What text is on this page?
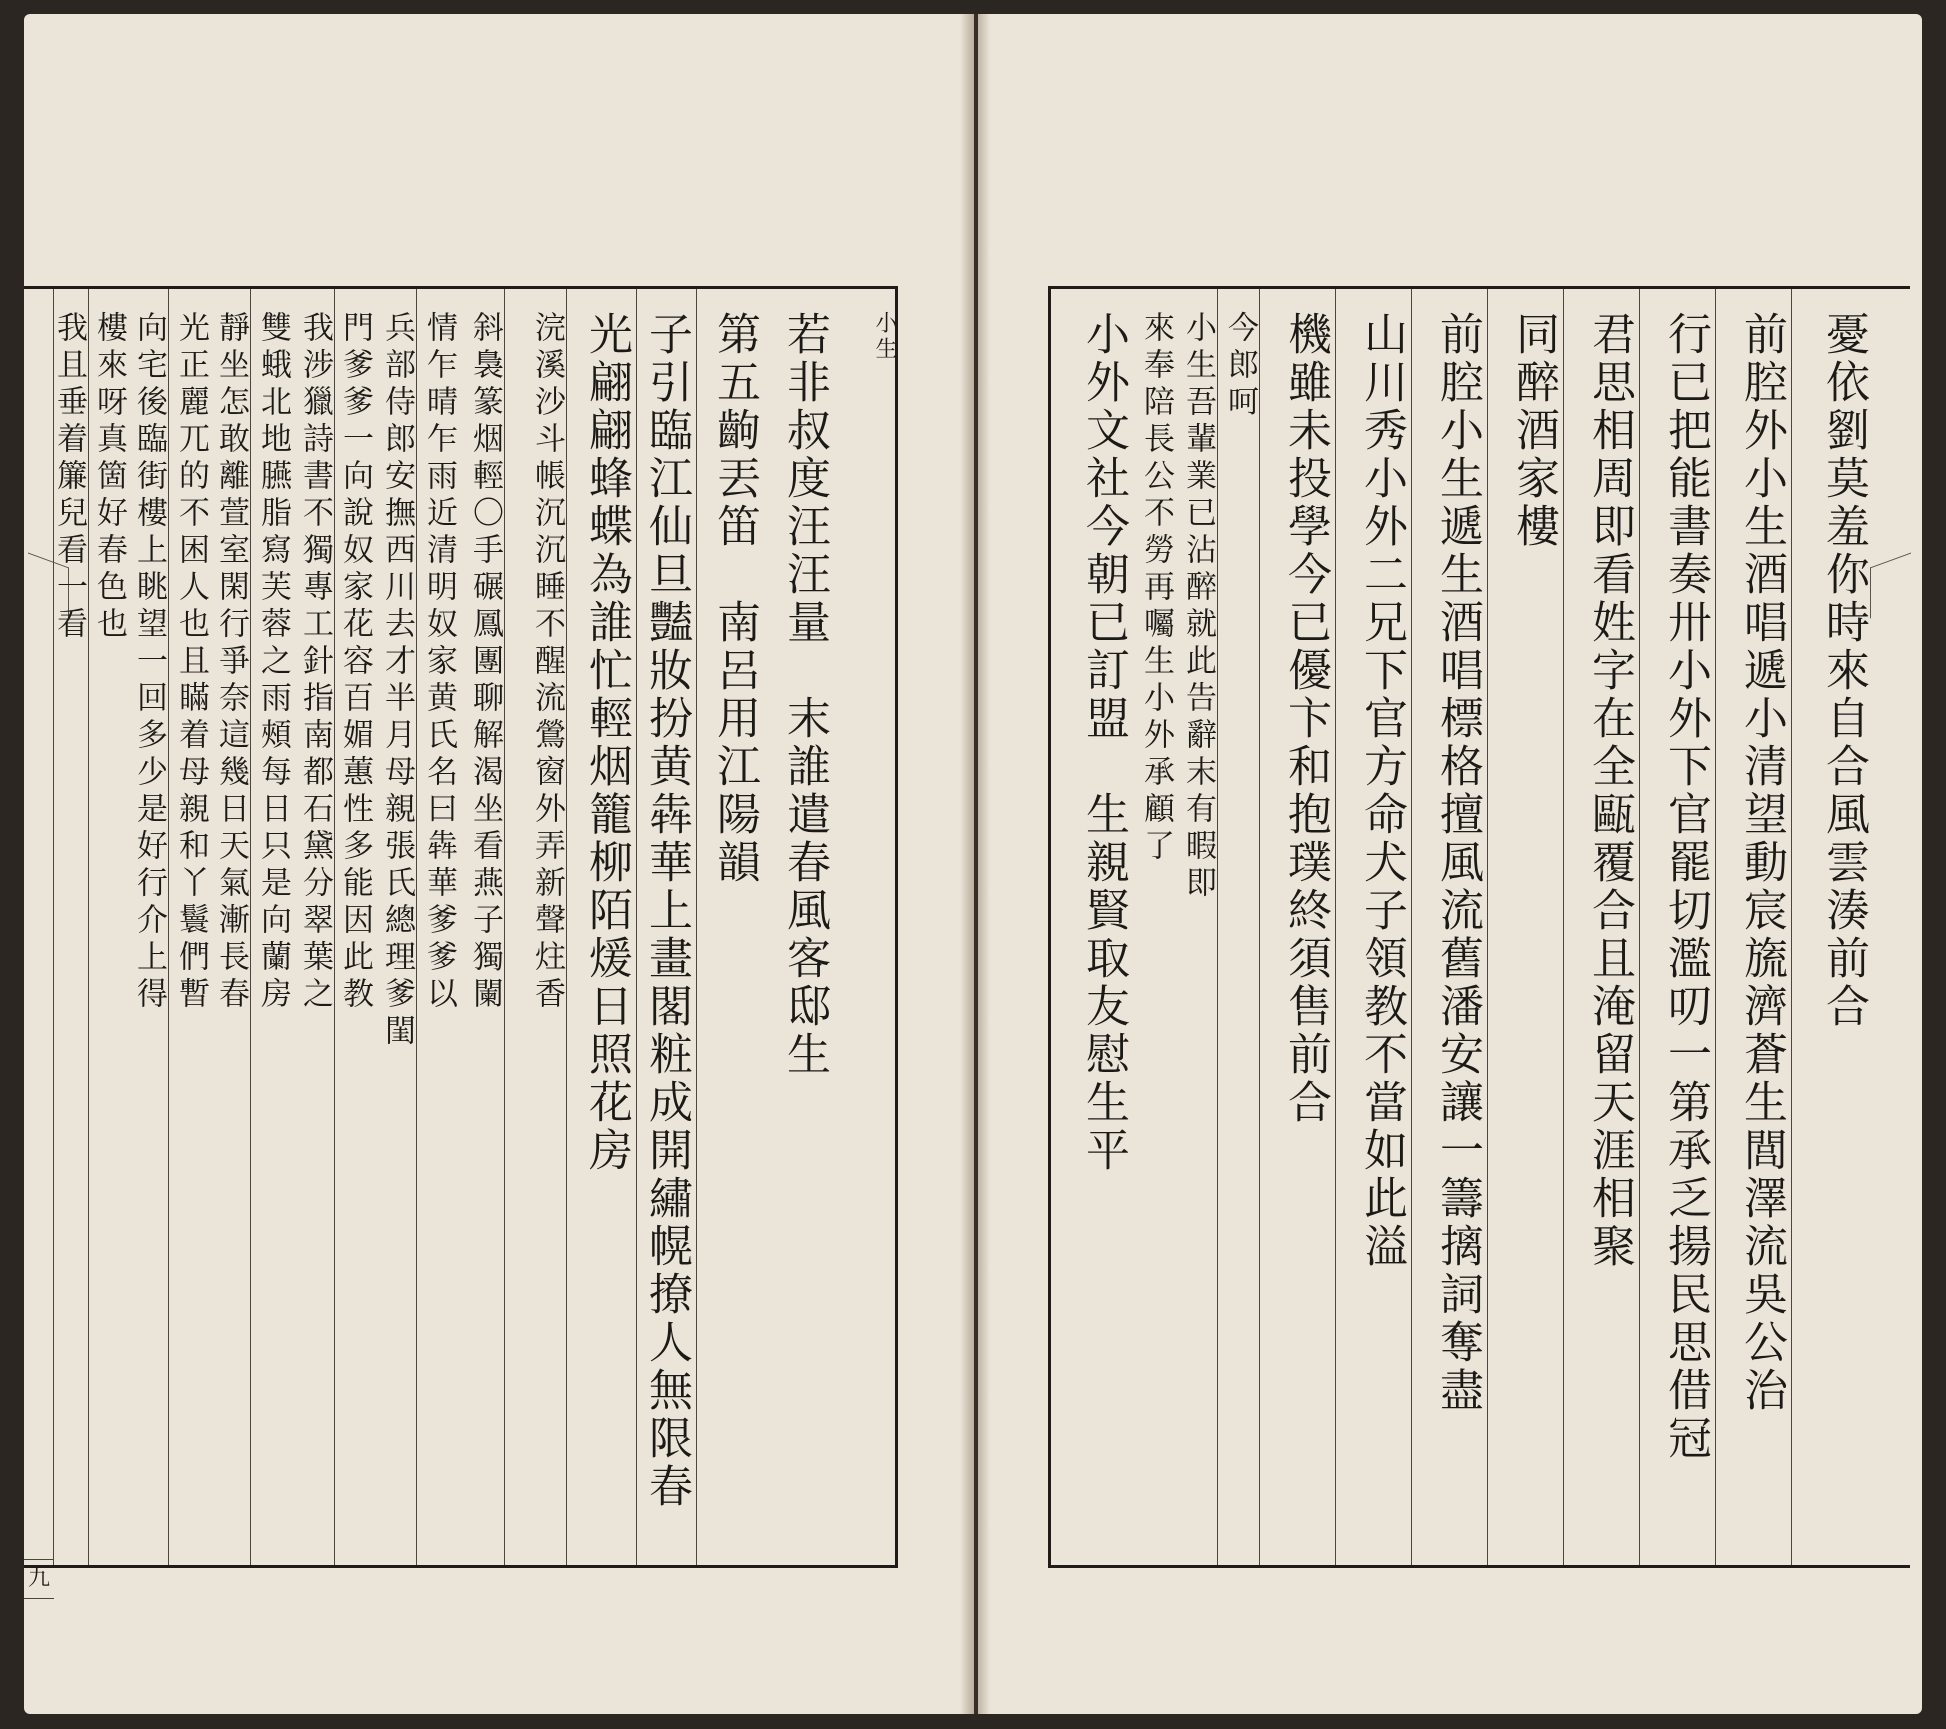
小生
若非叔度汪汪量　末誰遣春風客邸生
第五齣丟笛　南呂用江陽韻
子引臨江仙旦豔妝扮黄犇華上畫閣粧成開繡幌撩人無限春
光翩翩蜂蝶為誰忙輕烟籠柳陌煖日照花房
浣溪沙斗帳沉沉睡不醒流鶯窗外弄新聲炷香
斜裊篆烟輕〇手碾鳳團聊解渴坐看燕子獨闌
情乍晴乍雨近清明奴家黄氏名曰犇華爹爹以
兵部侍郎安撫西川去才半月母親張氏總理爹閨
門爹爹一向說奴家花容百媚蕙性多能因此教
我涉獵詩書不獨專工針指南都石黛分翠葉之
雙蛾北地臙脂寫芙蓉之雨頰每日只是向蘭房
靜坐怎敢離萱室閑行爭奈這幾日天氣漸長春
光正麗兀的不困人也且瞞着母親和丫鬟們暫
向宅後臨街樓上眺望一回多少是好行介上得
樓來呀真箇好春色也
我且垂着簾兒看一看
九
憂依劉莫羞你時來自合風雲湊前合
前腔外小生酒唱遞小清望動宸旒濟蒼生閭澤流吳公治
行已把能書奏卅小外下官罷切濫叨一第承乏揚民思借冠
君思相周即看姓字在全甌覆合且淹留天涯相聚
同醉酒家樓
前腔小生遞生酒唱標格擅風流舊潘安讓一籌摛詞奪盡
山川秀小外二兄下官方命犬子領教不當如此溢
機雖未投學今已優卞和抱璞終須售前合
今郎呵
小生吾輩業已沾醉就此告辭末有暇即
來奉陪長公不勞再囑生小外承顧了
小外文社今朝已訂盟　生親賢取友慰生平
